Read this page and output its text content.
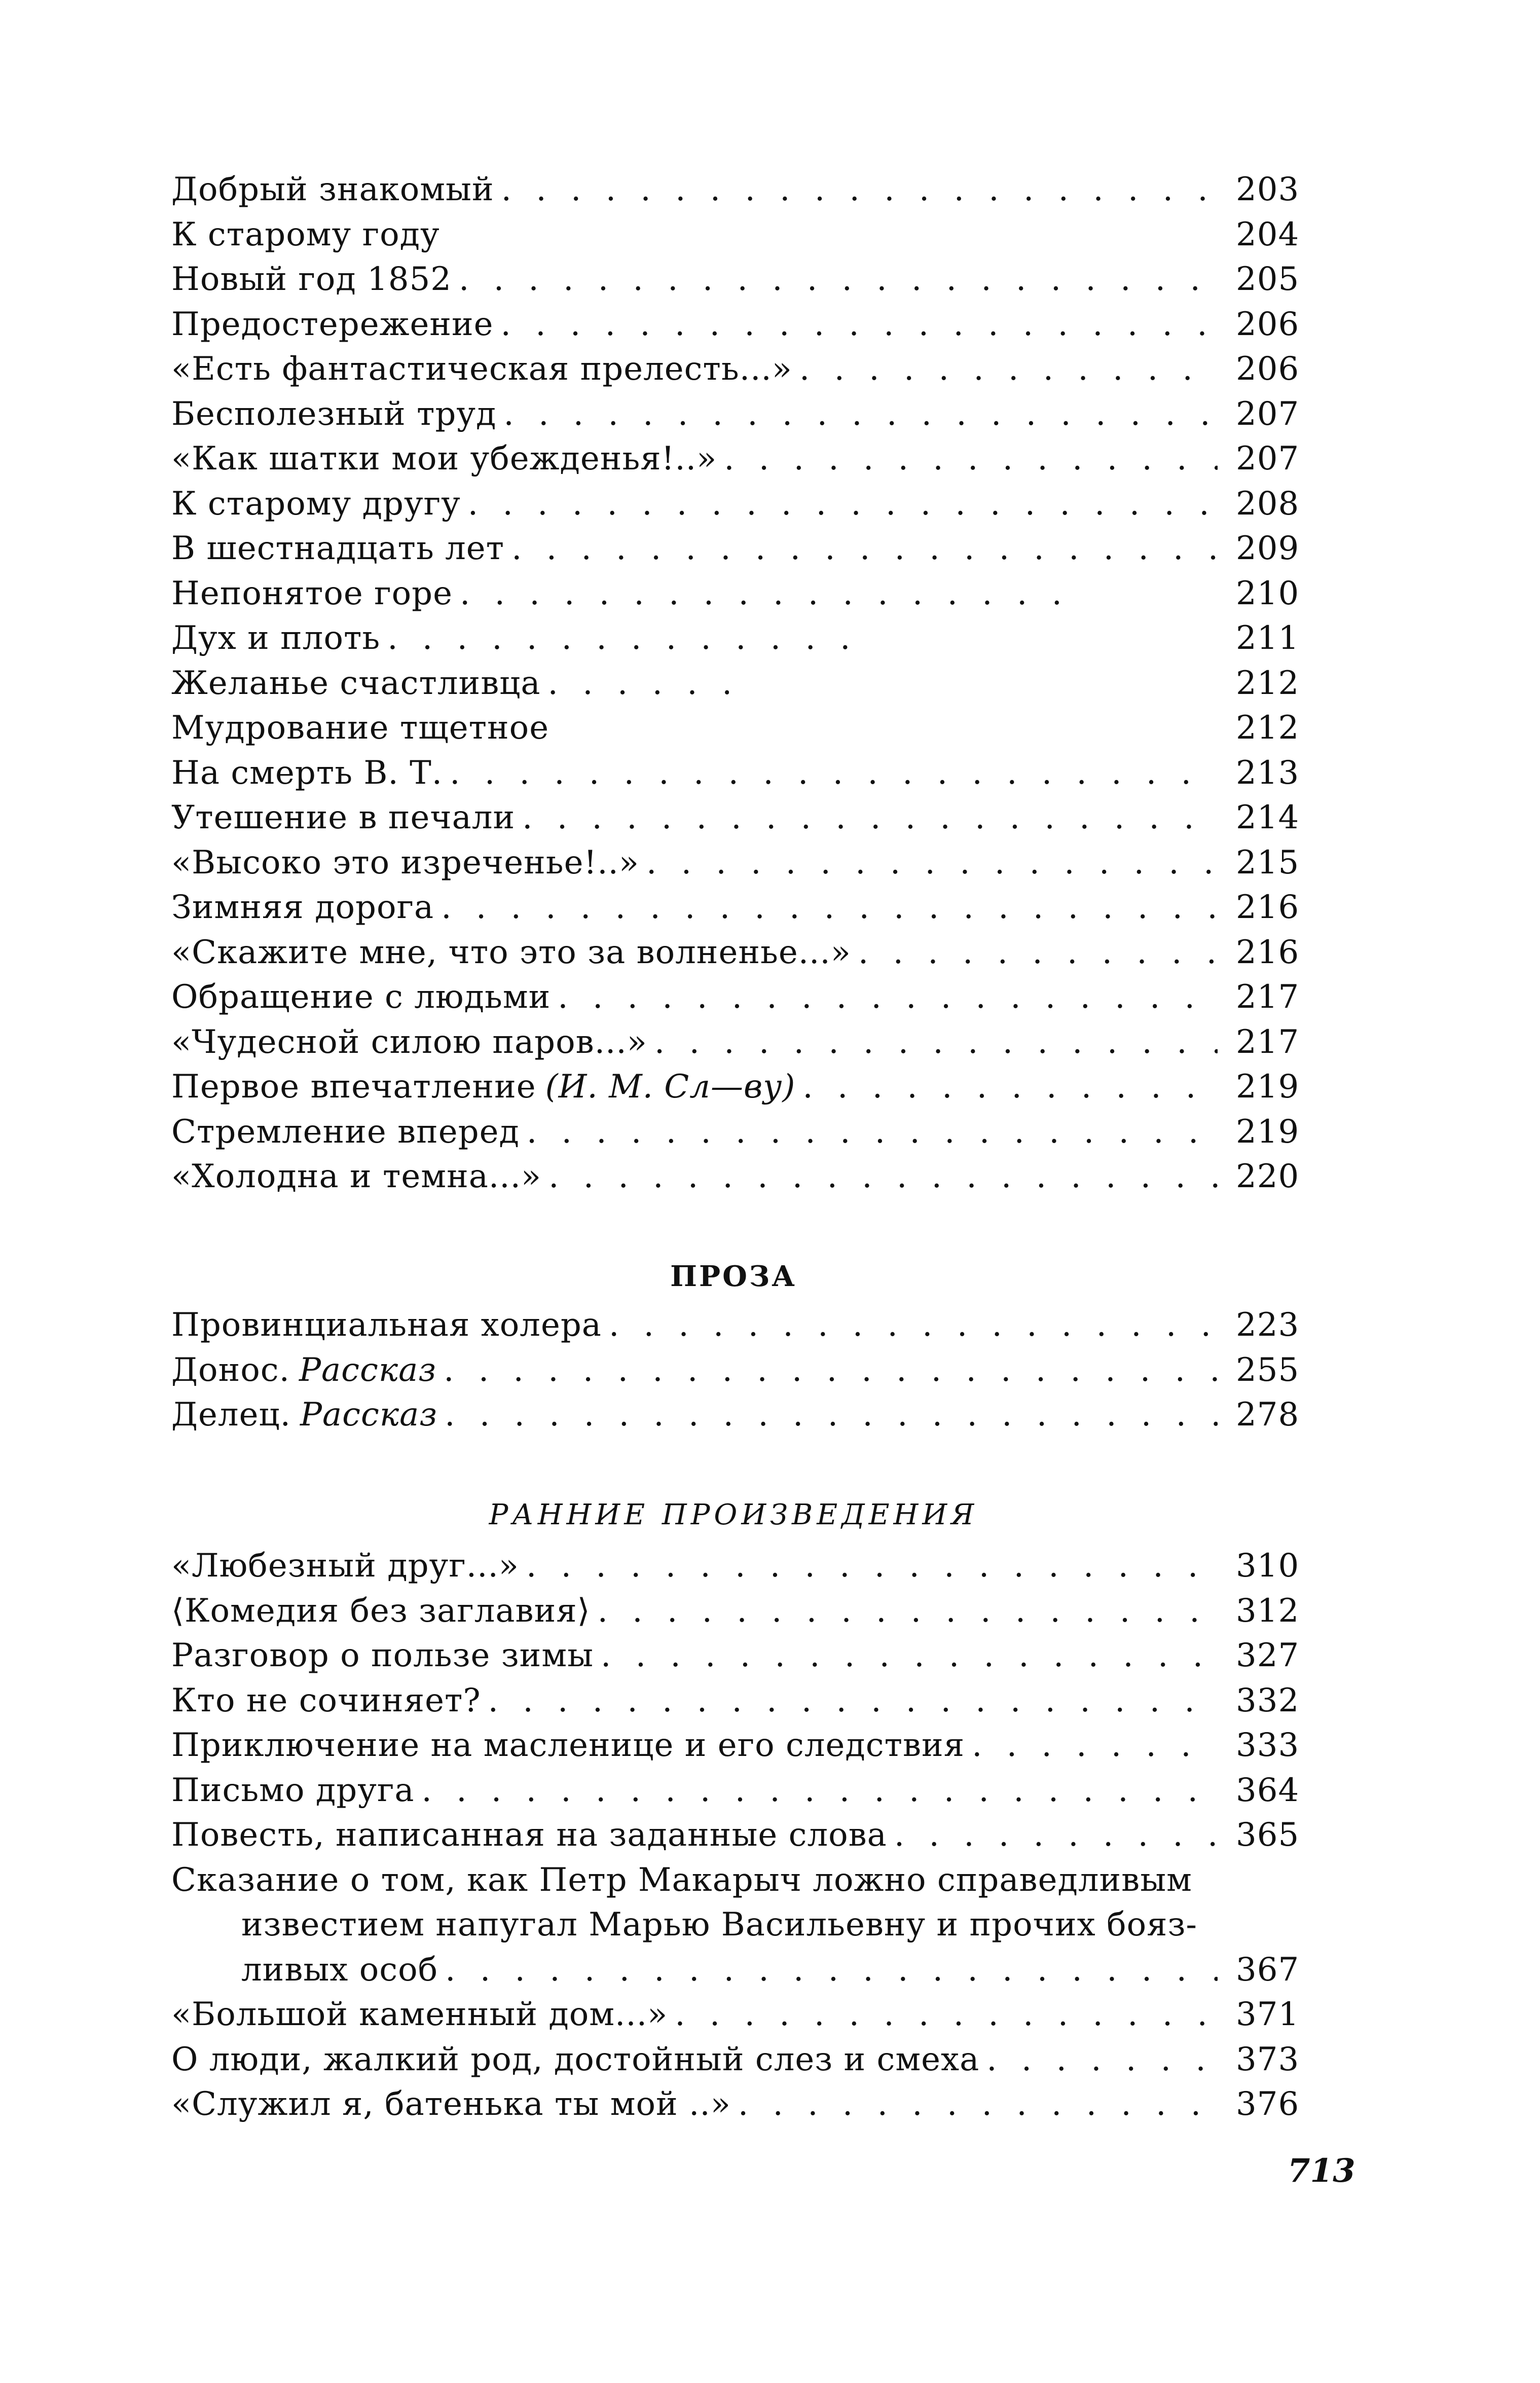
Добрый знакомый . . .	203
К старому году	204
Новый год 1852 . . .	205
Предостережение . . .	206
«Есть фантастическая прелесть...» . . .	206
Бесполезный труд . . .	207
«Как шатки мои убежденья!..» . . .	207
К старому другу . . .	208
В шестнадцать лет . . .	209
Непонятое горе . . .	210
Дух и плоть . . .	211
Желанье счастливца . . .	212
Мудрование тщетное	212
На смерть В. Т. . . .	213
Утешение в печали . . .	214
«Высоко это изреченье!..» . . .	215
Зимняя дорога . . .	216
«Скажите мне, что это за волненье...» . . .	216
Обращение с людьми . . .	217
«Чудесной силою паров...» . . .	217
Первое впечатление (И. М. Сл—ву) . . .	219
Стремление вперед . . .	219
«Холодна и темна...» . . .	220
ПРОЗА
Провинциальная холера . . .	223
Донос. Рассказ . . .	255
Делец. Рассказ . . .	278
РАННИЕ ПРОИЗВЕДЕНИЯ
«Любезный друг...» . . .	310
⟨Комедия без заглавия⟩ . . .	312
Разговор о пользе зимы . . .	327
Кто не сочиняет? . . .	332
Приключение на масленице и его следствия . . .	333
Письмо друга . . .	364
Повесть, написанная на заданные слова . . .	365
Сказание о том, как Петр Макарыч ложно справедливым
известием напугал Марью Васильевну и прочих бояз-
ливых особ . . .	367
«Большой каменный дом...» . . .	371
О люди, жалкий род, достойный слез и смеха . . .	373
«Служил я, батенька ты мой ..» . . .	376
713
